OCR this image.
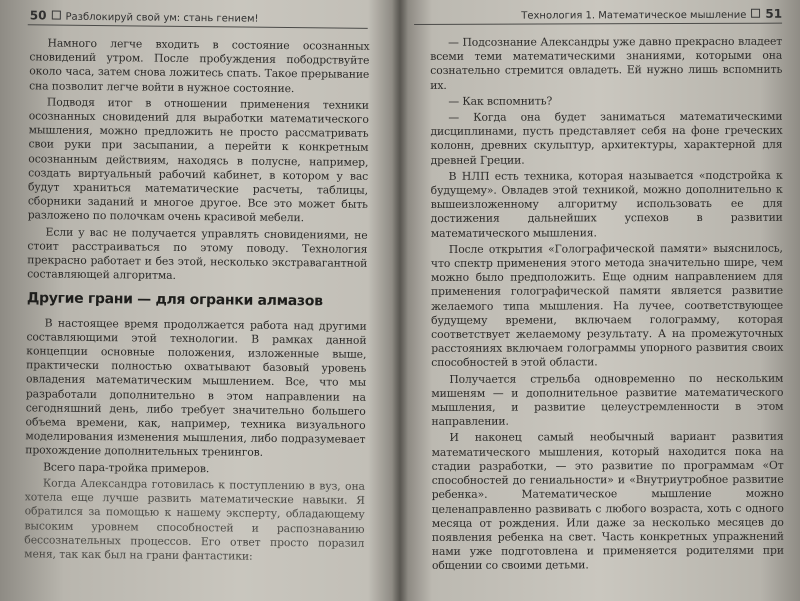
50 Разблокируй свой ум: стань гением!

Намного легче входить в состояние осознанных сновидений утром. После пробуждения пободрствуйте около часа, затем снова ложитесь спать. Такое прерывание сна позволит легче войти в нужное состояние.

Подводя итог в отношении применения техники осознанных сновидений для выработки математического мышления, можно предложить не просто рассматривать свои руки при засыпании, а перейти к конкретным осознанным действиям, находясь в полусне, например, создать виртуальный рабочий кабинет, в котором у вас будут храниться математические расчеты, таблицы, сборники заданий и многое другое. Все это может быть разложено по полочкам очень красивой мебели.

Если у вас не получается управлять сновидениями, не стоит расстраиваться по этому поводу. Технология прекрасно работает и без этой, несколько экстравагантной составляющей алгоритма.

Другие грани — для огранки алмазов

В настоящее время продолжается работа над другими составляющими этой технологии. В рамках данной концепции основные положения, изложенные выше, практически полностью охватывают базовый уровень овладения математическим мышлением. Все, что мы разработали дополнительно в этом направлении на сегодняшний день, либо требует значительно большего объема времени, как, например, техника визуального моделирования изменения мышления, либо подразумевает прохождение дополнительных тренингов.

Всего пара-тройка примеров.

Когда Александра готовилась к поступлению в вуз, она хотела еще лучше развить математические навыки. Я обратился за помощью к нашему эксперту, обладающему высоким уровнем способностей и распознаванию бессознательных процессов. Его ответ просто поразил меня, так как был на грани фантастики:

Технология 1. Математическое мышление 51

— Подсознание Александры уже давно прекрасно владеет всеми теми математическими знаниями, которыми она сознательно стремится овладеть. Ей нужно лишь вспомнить их.

— Как вспомнить?

— Когда она будет заниматься математическими дисциплинами, пусть представляет себя на фоне греческих колонн, древних скульптур, архитектуры, характерной для древней Греции.

В НЛП есть техника, которая называется «подстройка к будущему». Овладев этой техникой, можно дополнительно к вышеизложенному алгоритму использовать ее для достижения дальнейших успехов в развитии математического мышления.

После открытия «Голографической памяти» выяснилось, что спектр применения этого метода значительно шире, чем можно было предположить. Еще одним направлением для применения голографической памяти является развитие желаемого типа мышления. На лучее, соответствующее будущему времени, включаем голограмму, которая соответствует желаемому результату. А на промежуточных расстояниях включаем голограммы упорного развития своих способностей в этой области.

Получается стрельба одновременно по нескольким мишеням — и дополнительное развитие математического мышления, и развитие целеустремленности в этом направлении.

И наконец самый необычный вариант развития математического мышления, который находится пока на стадии разработки, — это развитие по программам «От способностей до гениальности» и «Внутриутробное развитие ребенка». Математическое мышление можно целенаправленно развивать с любого возраста, хоть с одного месяца от рождения. Или даже за несколько месяцев до появления ребенка на свет. Часть конкретных упражнений нами уже подготовлена и применяется родителями при общении со своими детьми.
